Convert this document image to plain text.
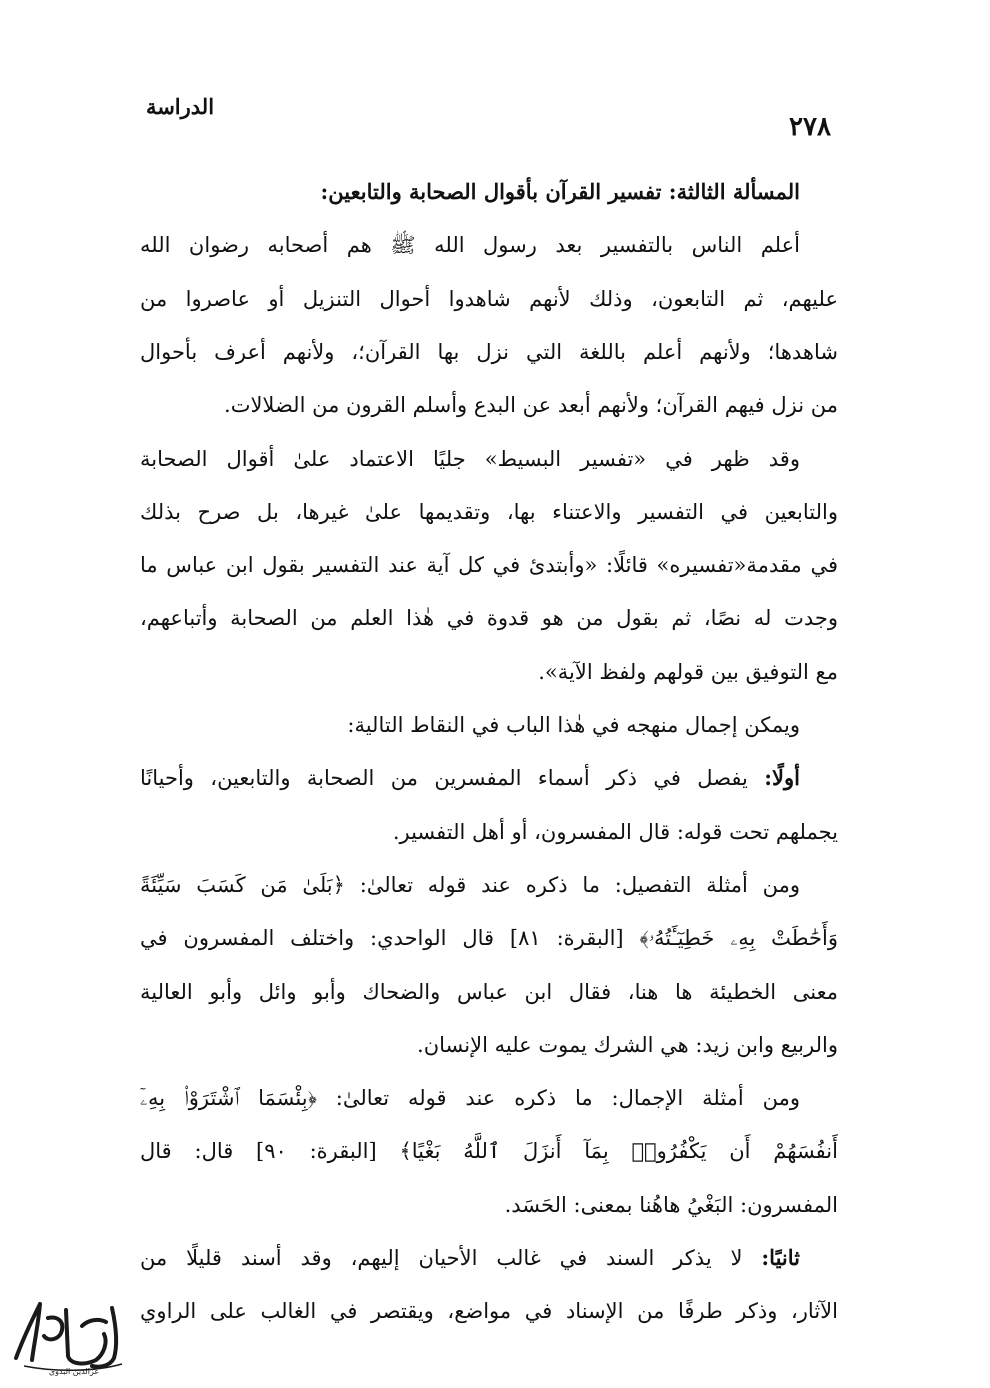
الدراسة
٢٧٨
المسألة الثالثة: تفسير القرآن بأقوال الصحابة والتابعين:
أعلم الناس بالتفسير بعد رسول الله ﷺ هم أصحابه رضوان الله
عليهم، ثم التابعون، وذلك لأنهم شاهدوا أحوال التنزيل أو عاصروا من
شاهدها؛ ولأنهم أعلم باللغة التي نزل بها القرآن؛، ولأنهم أعرف بأحوال
من نزل فيهم القرآن؛ ولأنهم أبعد عن البدع وأسلم القرون من الضلالات.
وقد ظهر في «تفسير البسيط» جليًا الاعتماد علىٰ أقوال الصحابة
والتابعين في التفسير والاعتناء بها، وتقديمها علىٰ غيرها، بل صرح بذلك
في مقدمة«تفسيره» قائلًا: «وأبتدئ في كل آية عند التفسير بقول ابن عباس ما
وجدت له نصًا، ثم بقول من هو قدوة في هٰذا العلم من الصحابة وأتباعهم،
مع التوفيق بين قولهم ولفظ الآية».
ويمكن إجمال منهجه في هٰذا الباب في النقاط التالية:
أولًا: يفصل في ذكر أسماء المفسرين من الصحابة والتابعين، وأحيانًا
يجملهم تحت قوله: قال المفسرون، أو أهل التفسير.
ومن أمثلة التفصيل: ما ذكره عند قوله تعالىٰ: ﴿بَلَىٰ مَن كَسَبَ سَيِّئَةً
وَأَحَٰطَتْ بِهِۦ خَطِيٓـَٔتُهُۥ﴾ [البقرة: ٨١] قال الواحدي: واختلف المفسرون في
معنى الخطيئة ها هنا، فقال ابن عباس والضحاك وأبو وائل وأبو العالية
والربيع وابن زيد: هي الشرك يموت عليه الإنسان.
ومن أمثلة الإجمال: ما ذكره عند قوله تعالىٰ: ﴿بِئْسَمَا ٱشْتَرَوْا۟ بِهِۦٓ
أَنفُسَهُمْ أَن يَكْفُرُوا۟ بِمَآ أَنزَلَ ٱللَّهُ بَغْيًا﴾ [البقرة: ٩٠] قال: قال
المفسرون: البَغْيُ هاهُنا بمعنى: الحَسَد.
ثانيًا: لا يذكر السند في غالب الأحيان إليهم، وقد أسند قليلًا من
الآثار، وذكر طرفًا من الإسناد في مواضع، ويقتصر في الغالب على الراوي
عزالدين البدوي
